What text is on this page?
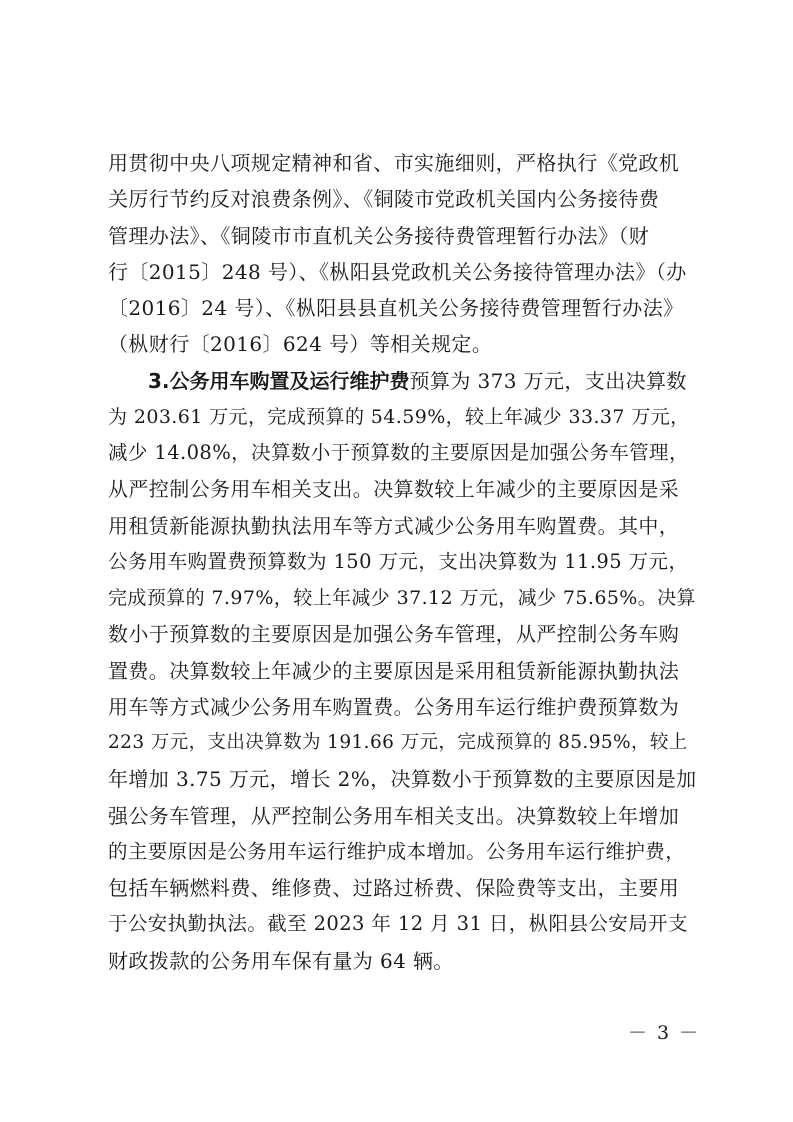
用贯彻中央八项规定精神和省、市实施细则，严格执行《党政机
关厉行节约反对浪费条例》、《铜陵市党政机关国内公务接待费
管理办法》、《铜陵市市直机关公务接待费管理暂行办法》（财
行〔2015〕248 号）、《枞阳县党政机关公务接待管理办法》（办
〔2016〕24 号）、《枞阳县县直机关公务接待费管理暂行办法》
（枞财行〔2016〕624 号）等相关规定。
3.公务用车购置及运行维护费预算为 373 万元，支出决算数
为 203.61 万元，完成预算的 54.59%，较上年减少 33.37 万元，
减少 14.08%，决算数小于预算数的主要原因是加强公务车管理，
从严控制公务用车相关支出。决算数较上年减少的主要原因是采
用租赁新能源执勤执法用车等方式减少公务用车购置费。其中，
公务用车购置费预算数为 150 万元，支出决算数为 11.95 万元，
完成预算的 7.97%，较上年减少 37.12 万元，减少 75.65%。决算
数小于预算数的主要原因是加强公务车管理，从严控制公务车购
置费。决算数较上年减少的主要原因是采用租赁新能源执勤执法
用车等方式减少公务用车购置费。公务用车运行维护费预算数为
223 万元，支出决算数为 191.66 万元，完成预算的 85.95%，较上
年增加 3.75 万元，增长 2%，决算数小于预算数的主要原因是加
强公务车管理，从严控制公务用车相关支出。决算数较上年增加
的主要原因是公务用车运行维护成本增加。公务用车运行维护费，
包括车辆燃料费、维修费、过路过桥费、保险费等支出，主要用
于公安执勤执法。截至 2023 年 12 月 31 日，枞阳县公安局开支
财政拨款的公务用车保有量为 64 辆。
－ 3 －
